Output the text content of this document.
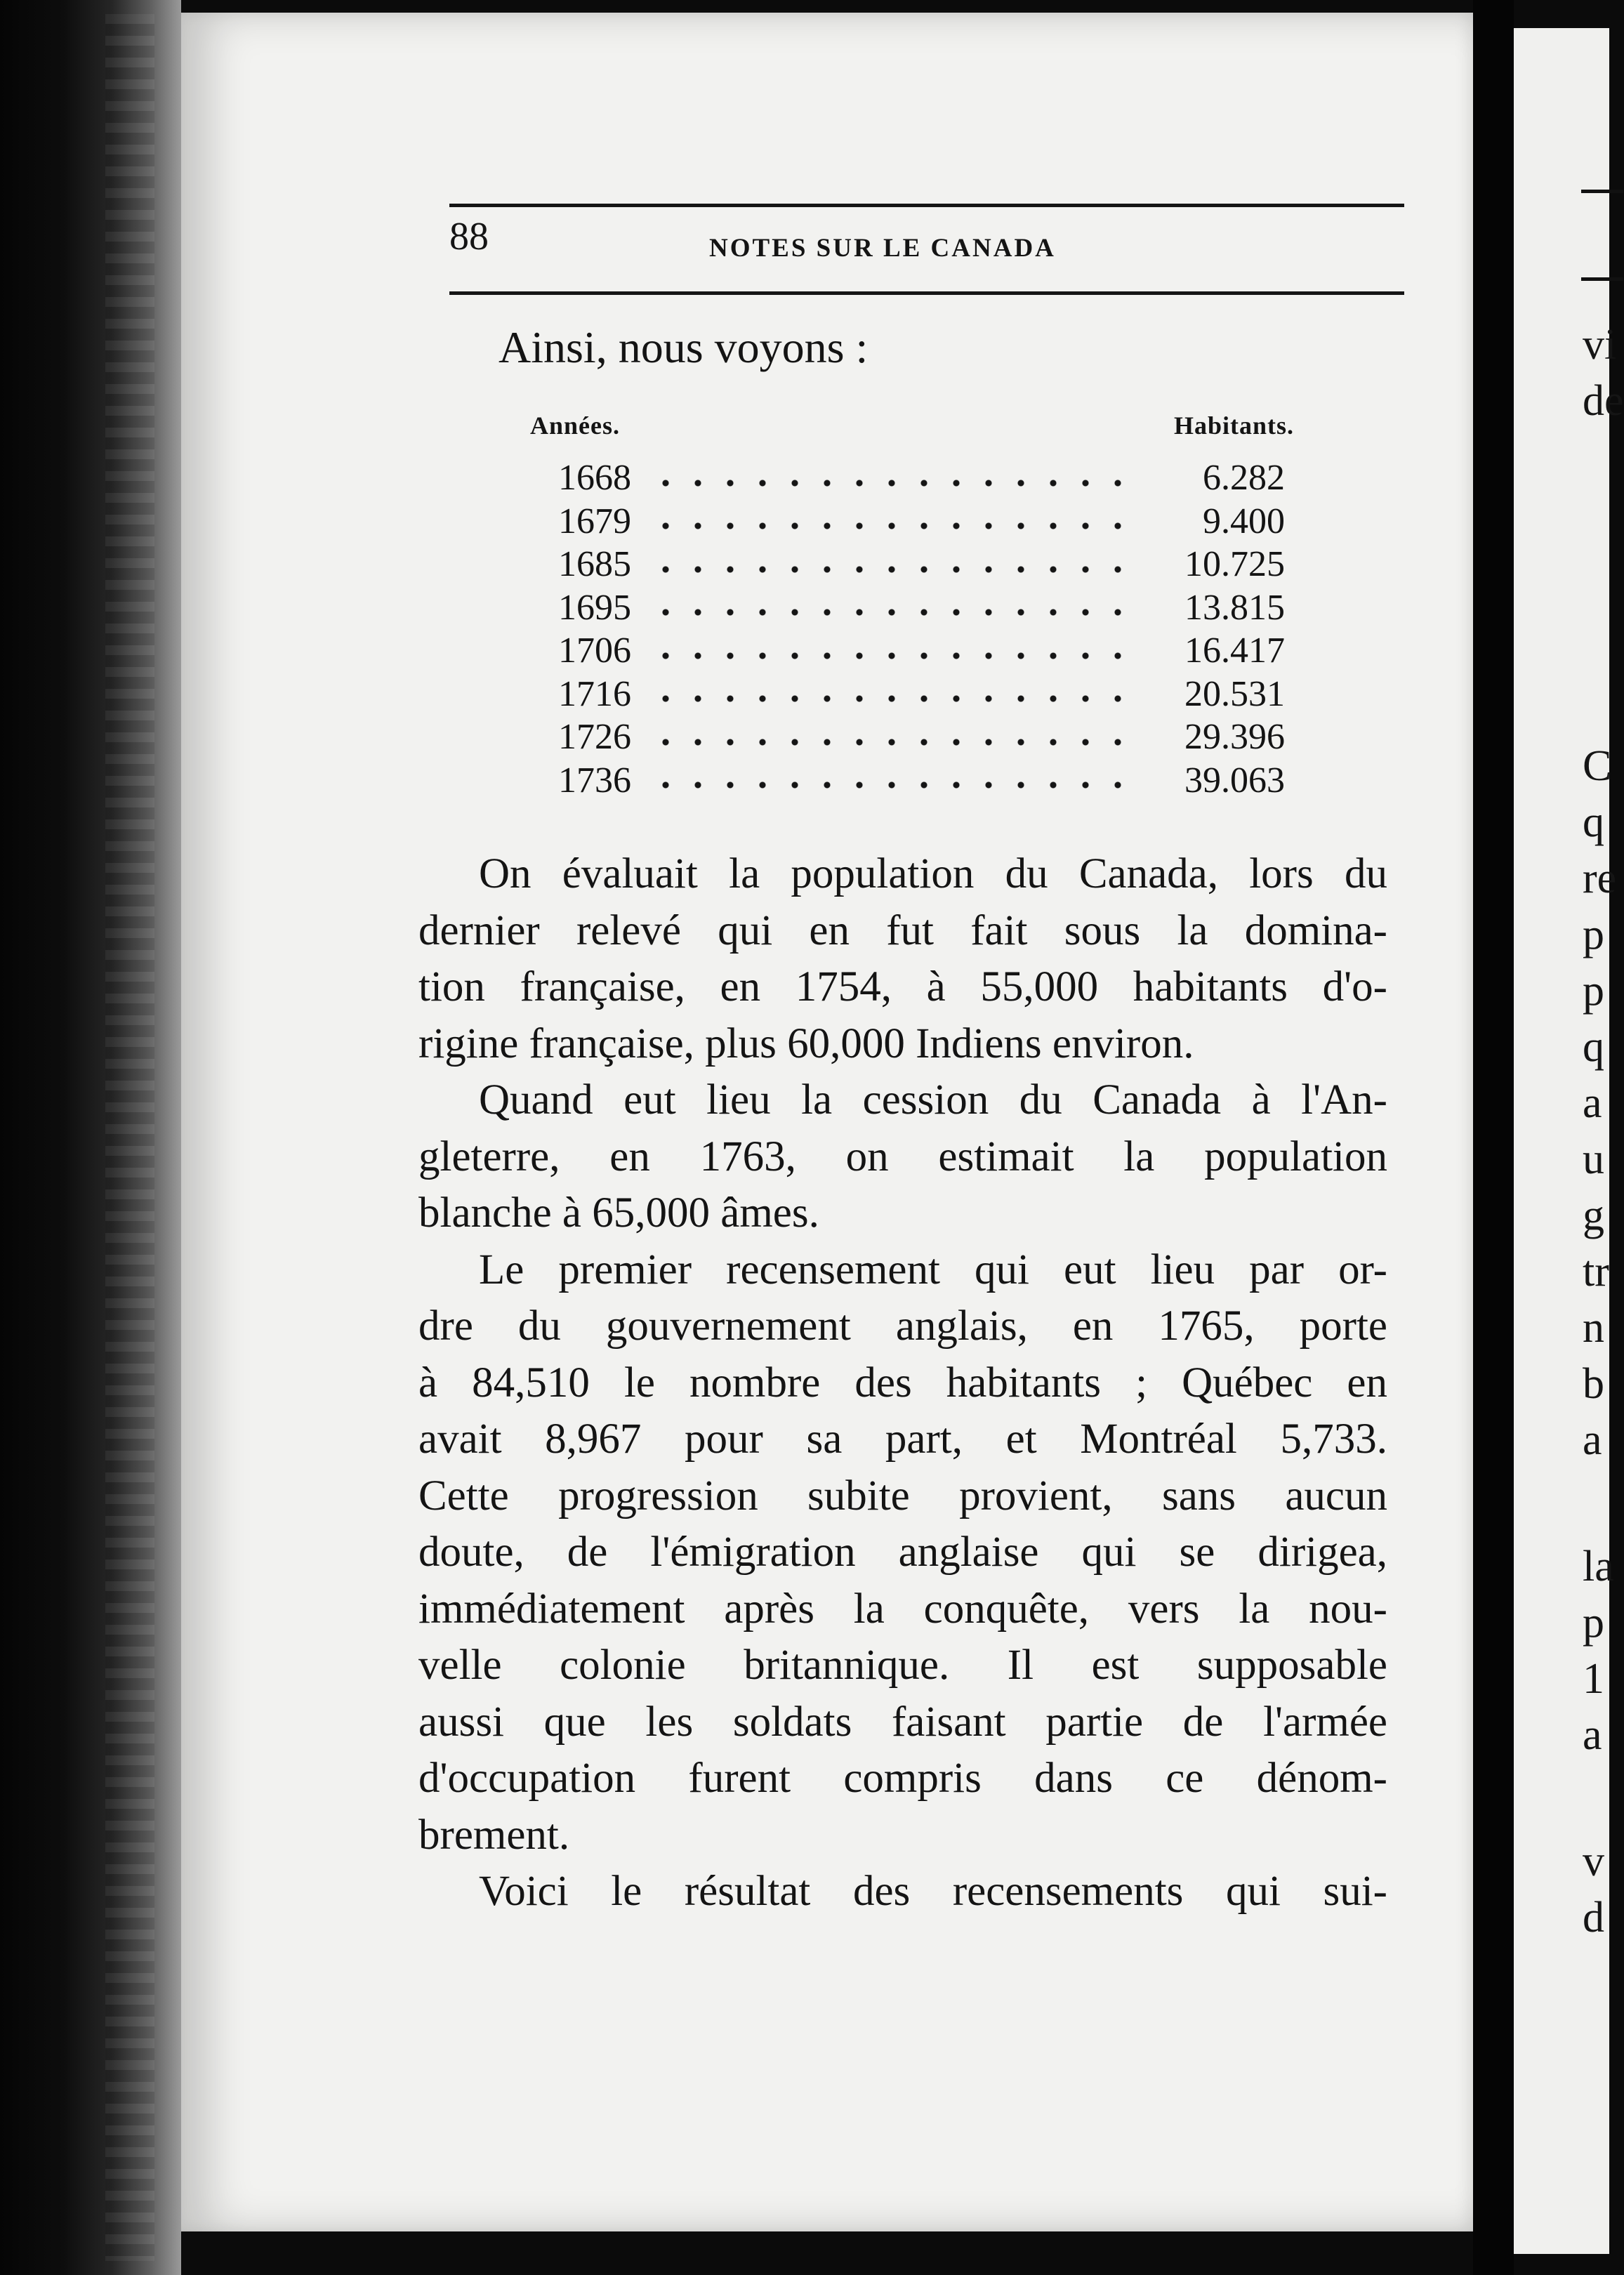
88	NOTES SUR LE CANADA
Ainsi, nous voyons :
Années.	Habitants.
1668	6.282
1679	9.400
1685	10.725
1695	13.815
1706	16.417
1716	20.531
1726	29.396
1736	39.063
On évaluait la population du Canada, lors du
dernier relevé qui en fut fait sous la domina-
tion française, en 1754, à 55,000 habitants d'o-
rigine française, plus 60,000 Indiens environ.
Quand eut lieu la cession du Canada à l'An-
gleterre, en 1763, on estimait la population
blanche à 65,000 âmes.
Le premier recensement qui eut lieu par or-
dre du gouvernement anglais, en 1765, porte
à 84,510 le nombre des habitants ; Québec en
avait 8,967 pour sa part, et Montréal 5,733.
Cette progression subite provient, sans aucun
doute, de l'émigration anglaise qui se dirigea,
immédiatement après la conquête, vers la nou-
velle colonie britannique. Il est supposable
aussi que les soldats faisant partie de l'armée
d'occupation furent compris dans ce dénom-
brement.
Voici le résultat des recensements qui sui-
vi
de
C
q
re
p
p
q
a
u
g
tr
n
b
a
la
p
1
a
v
d
